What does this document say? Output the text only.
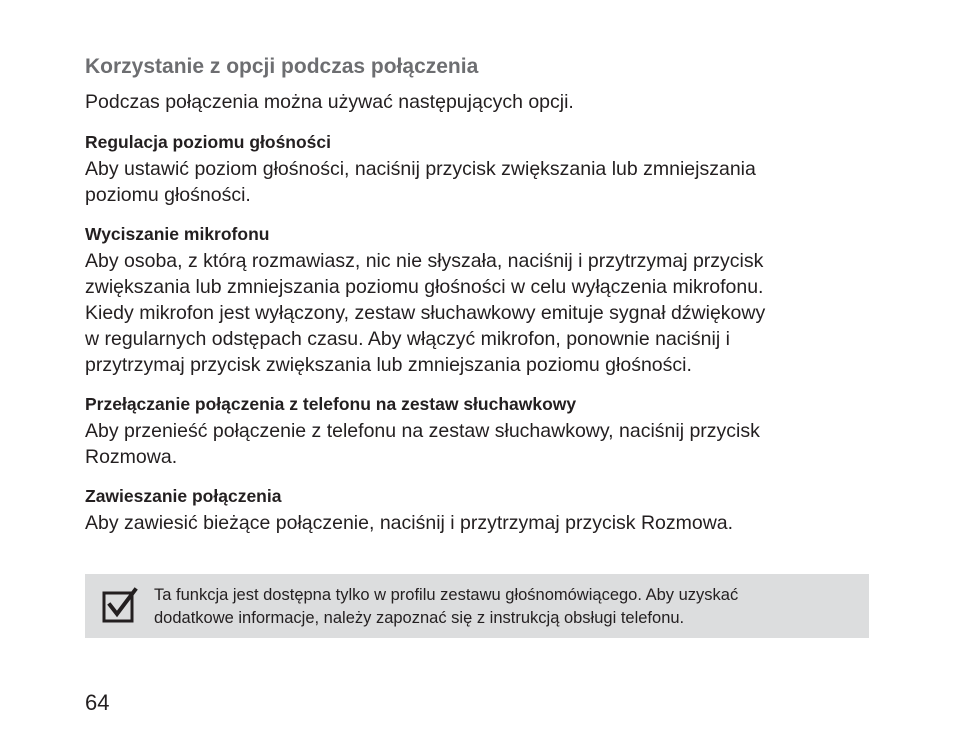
Korzystanie z opcji podczas połączenia

Podczas połączenia można używać następujących opcji.

Regulacja poziomu głośności

Aby ustawić poziom głośności, naciśnij przycisk zwiększania lub zmniejszania
poziomu głośności.

Wyciszanie mikrofonu

Aby osoba, z którą rozmawiasz, nic nie słyszała, naciśnij i przytrzymaj przycisk
zwiększania lub zmniejszania poziomu głośności w celu wyłączenia mikrofonu.
Kiedy mikrofon jest wyłączony, zestaw słuchawkowy emituje sygnał dźwiękowy
w regularnych odstępach czasu. Aby włączyć mikrofon, ponownie naciśnij i
przytrzymaj przycisk zwiększania lub zmniejszania poziomu głośności.

Przełączanie połączenia z telefonu na zestaw słuchawkowy

Aby przenieść połączenie z telefonu na zestaw słuchawkowy, naciśnij przycisk
Rozmowa.

Zawieszanie połączenia

Aby zawiesić bieżące połączenie, naciśnij i przytrzymaj przycisk Rozmowa.

Ta funkcja jest dostępna tylko w profilu zestawu głośnomówiącego. Aby uzyskać
dodatkowe informacje, należy zapoznać się z instrukcją obsługi telefonu.
64
